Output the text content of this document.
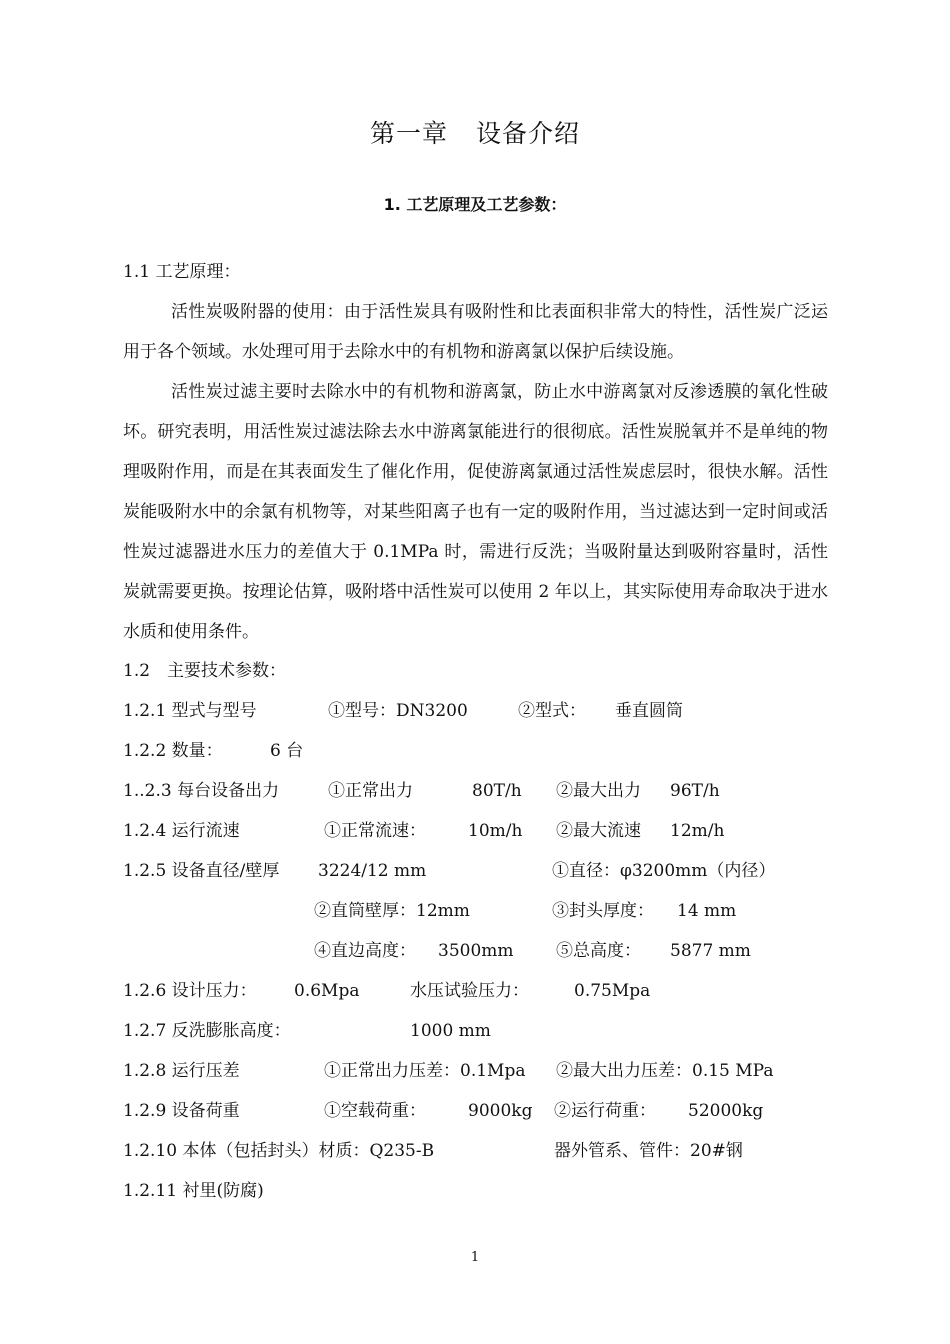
第一章 设备介绍
1. 工艺原理及工艺参数：
1.1 工艺原理：
活性炭吸附器的使用：由于活性炭具有吸附性和比表面积非常大的特性，活性炭广泛运用于各个领域。水处理可用于去除水中的有机物和游离氯以保护后续设施。
活性炭过滤主要时去除水中的有机物和游离氯，防止水中游离氯对反渗透膜的氧化性破坏。研究表明，用活性炭过滤法除去水中游离氯能进行的很彻底。活性炭脱氧并不是单纯的物理吸附作用，而是在其表面发生了催化作用，促使游离氯通过活性炭虑层时，很快水解。活性炭能吸附水中的余氯有机物等，对某些阳离子也有一定的吸附作用，当过滤达到一定时间或活性炭过滤器进水压力的差值大于 0.1MPa 时，需进行反洗；当吸附量达到吸附容量时，活性炭就需要更换。按理论估算，吸附塔中活性炭可以使用 2 年以上，其实际使用寿命取决于进水水质和使用条件。
1.2　主要技术参数：
1.2.1 型式与型号	①型号：DN3200	②型式： 垂直圆筒
1.2.2 数量：	6 台
1..2.3 每台设备出力	①正常出力	80T/h ②最大出力 96T/h
1.2.4 运行流速	①正常流速： 10m/h ②最大流速 12m/h
1.2.5 设备直径/壁厚 3224/12 mm	①直径：φ3200mm（内径）
②直筒壁厚：12mm	③封头厚度： 14 mm
④直边高度： 3500mm ⑤总高度： 5877 mm
1.2.6 设计压力： 0.6Mpa	水压试验压力：	0.75Mpa
1.2.7 反洗膨胀高度：	1000 mm
1.2.8 运行压差	①正常出力压差：0.1Mpa ②最大出力压差：0.15 MPa
1.2.9 设备荷重	①空载荷重： 9000kg ②运行荷重： 52000kg
1.2.10 本体（包括封头）材质：Q235-B	器外管系、管件：20#钢
1.2.11 衬里(防腐)
1
